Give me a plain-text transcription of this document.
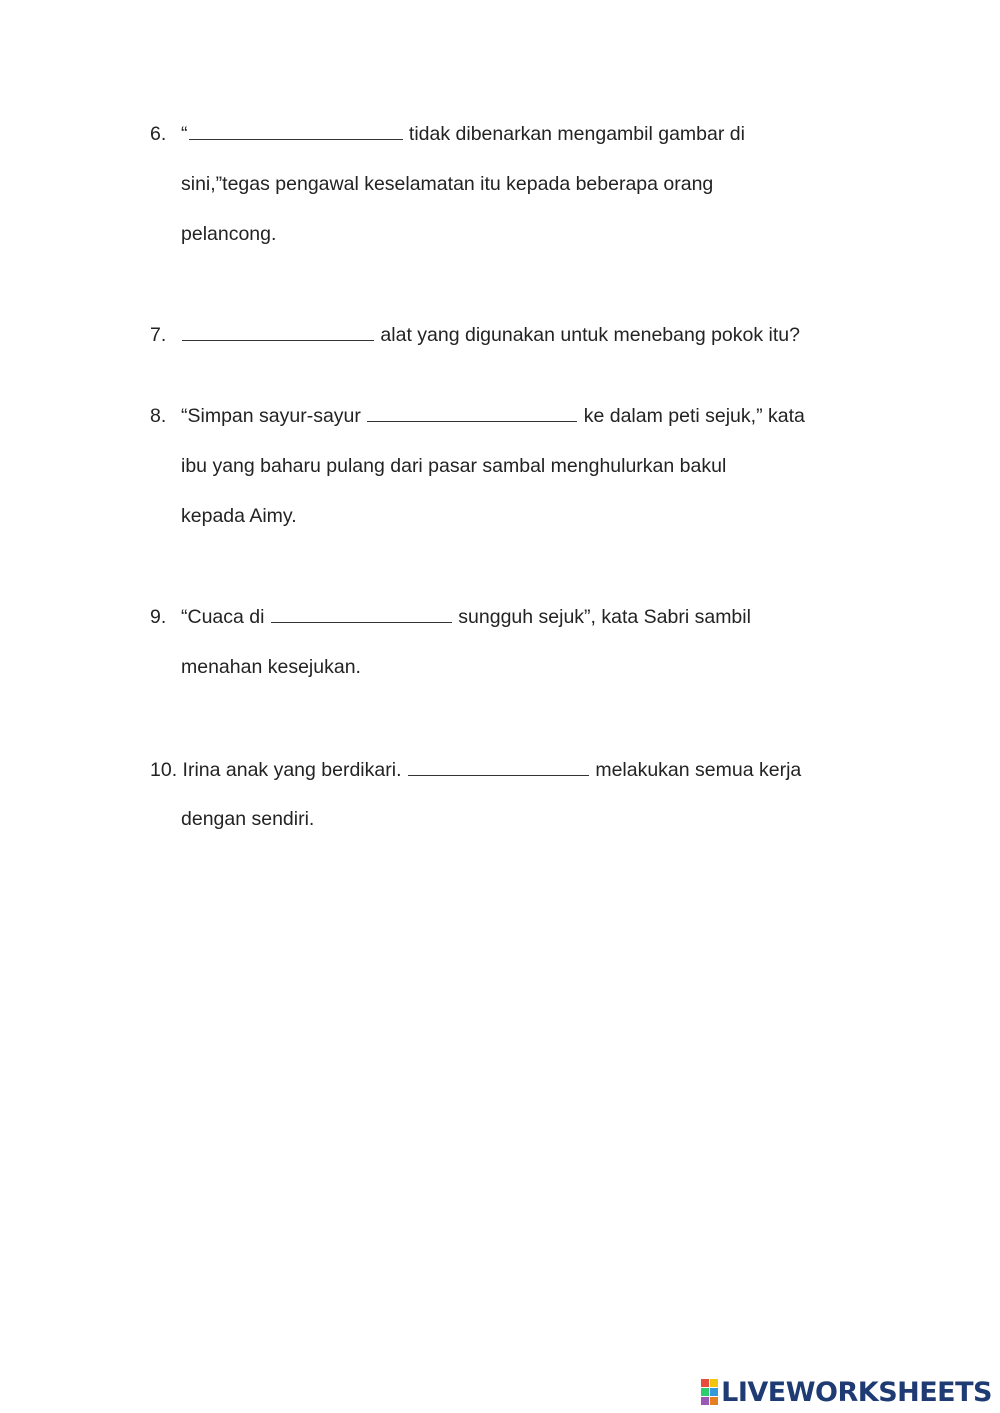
6. “	tidak dibenarkan mengambil gambar di
sini,”tegas pengawal keselamatan itu kepada beberapa orang
pelancong.
7.	alat yang digunakan untuk menebang pokok itu?
8. “Simpan sayur-sayur	ke dalam peti sejuk,” kata
ibu yang baharu pulang dari pasar sambal menghulurkan bakul
kepada Aimy.
9. “Cuaca di	sungguh sejuk”, kata Sabri sambil
menahan kesejukan.
10. Irina anak yang berdikari.	melakukan semua kerja
dengan sendiri.
LIVEWORKSHEETS
